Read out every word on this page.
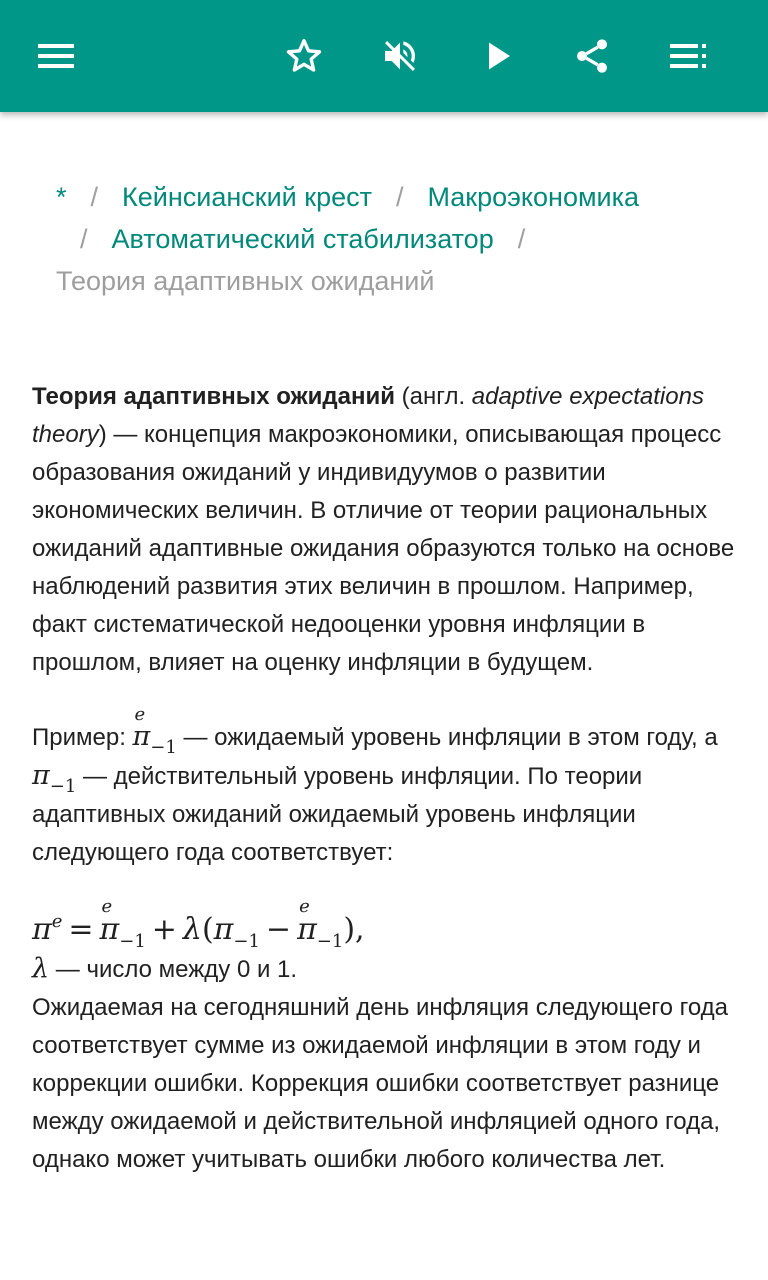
* / Кейнсианский крест / Макроэкономика
/ Автоматический стабилизатор /
Теория адаптивных ожиданий

Теория адаптивных ожиданий (англ. adaptive expectations theory) — концепция макроэкономики, описывающая процесс образования ожиданий у индивидуумов о развитии экономических величин. В отличие от теории рациональных ожиданий адаптивные ожидания образуются только на основе наблюдений развития этих величин в прошлом. Например, факт систематической недооценки уровня инфляции в прошлом, влияет на оценку инфляции в будущем.

Пример: π
e
$_{-1}$ — ожидаемый уровень инфляции в этом году, а $\pi_{-1}$ — действительный уровень инфляции. По теории адаптивных ожиданий ожидаемый уровень инфляции следующего года соответствует:

$\pi^e = \pi$
e
$_{-1} + \lambda(\pi_{-1} - \pi$
e
$_{-1}$),

λ — число между 0 и 1.

Ожидаемая на сегодняшний день инфляция следующего года соответствует сумме из ожидаемой инфляции в этом году и коррекции ошибки. Коррекция ошибки соответствует разнице между ожидаемой и действительной инфляцией одного года, однако может учитывать ошибки любого количества лет.
